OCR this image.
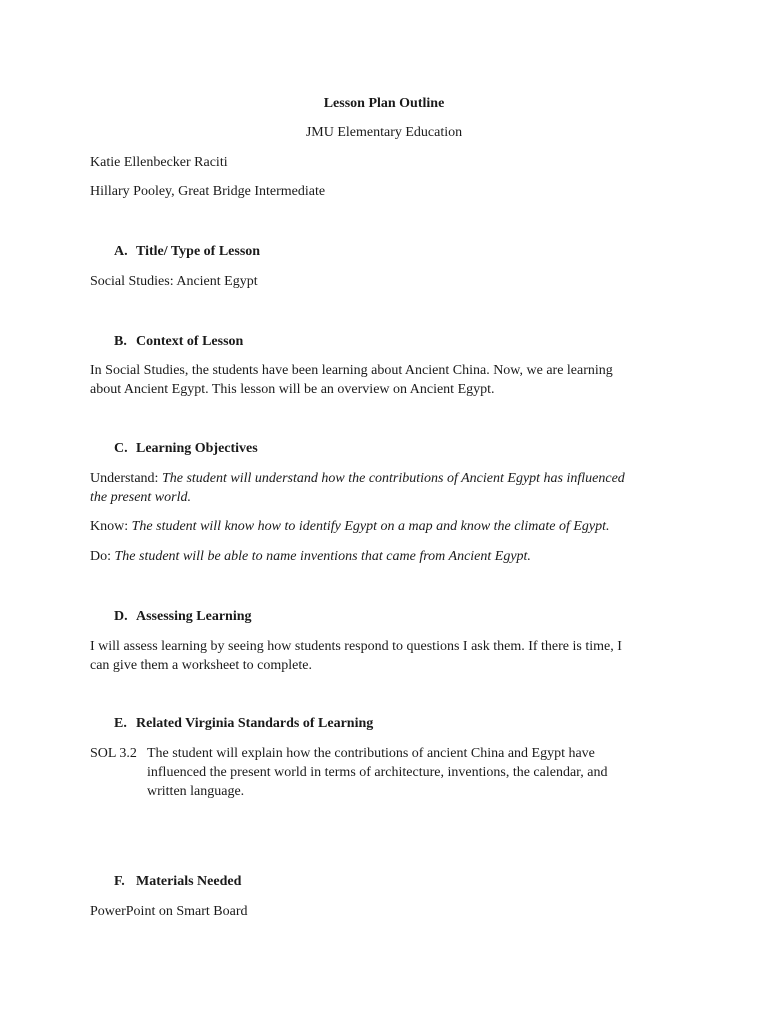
Lesson Plan Outline
JMU Elementary Education
Katie Ellenbecker Raciti
Hillary Pooley, Great Bridge Intermediate
A. Title/ Type of Lesson
Social Studies: Ancient Egypt
B. Context of Lesson
In Social Studies, the students have been learning about Ancient China. Now, we are learning
about Ancient Egypt. This lesson will be an overview on Ancient Egypt.
C. Learning Objectives
Understand: The student will understand how the contributions of Ancient Egypt has influenced
the present world.
Know: The student will know how to identify Egypt on a map and know the climate of Egypt.
Do: The student will be able to name inventions that came from Ancient Egypt.
D. Assessing Learning
I will assess learning by seeing how students respond to questions I ask them. If there is time, I
can give them a worksheet to complete.
E. Related Virginia Standards of Learning
SOL 3.2 The student will explain how the contributions of ancient China and Egypt have
influenced the present world in terms of architecture, inventions, the calendar, and
written language.
F. Materials Needed
PowerPoint on Smart Board
